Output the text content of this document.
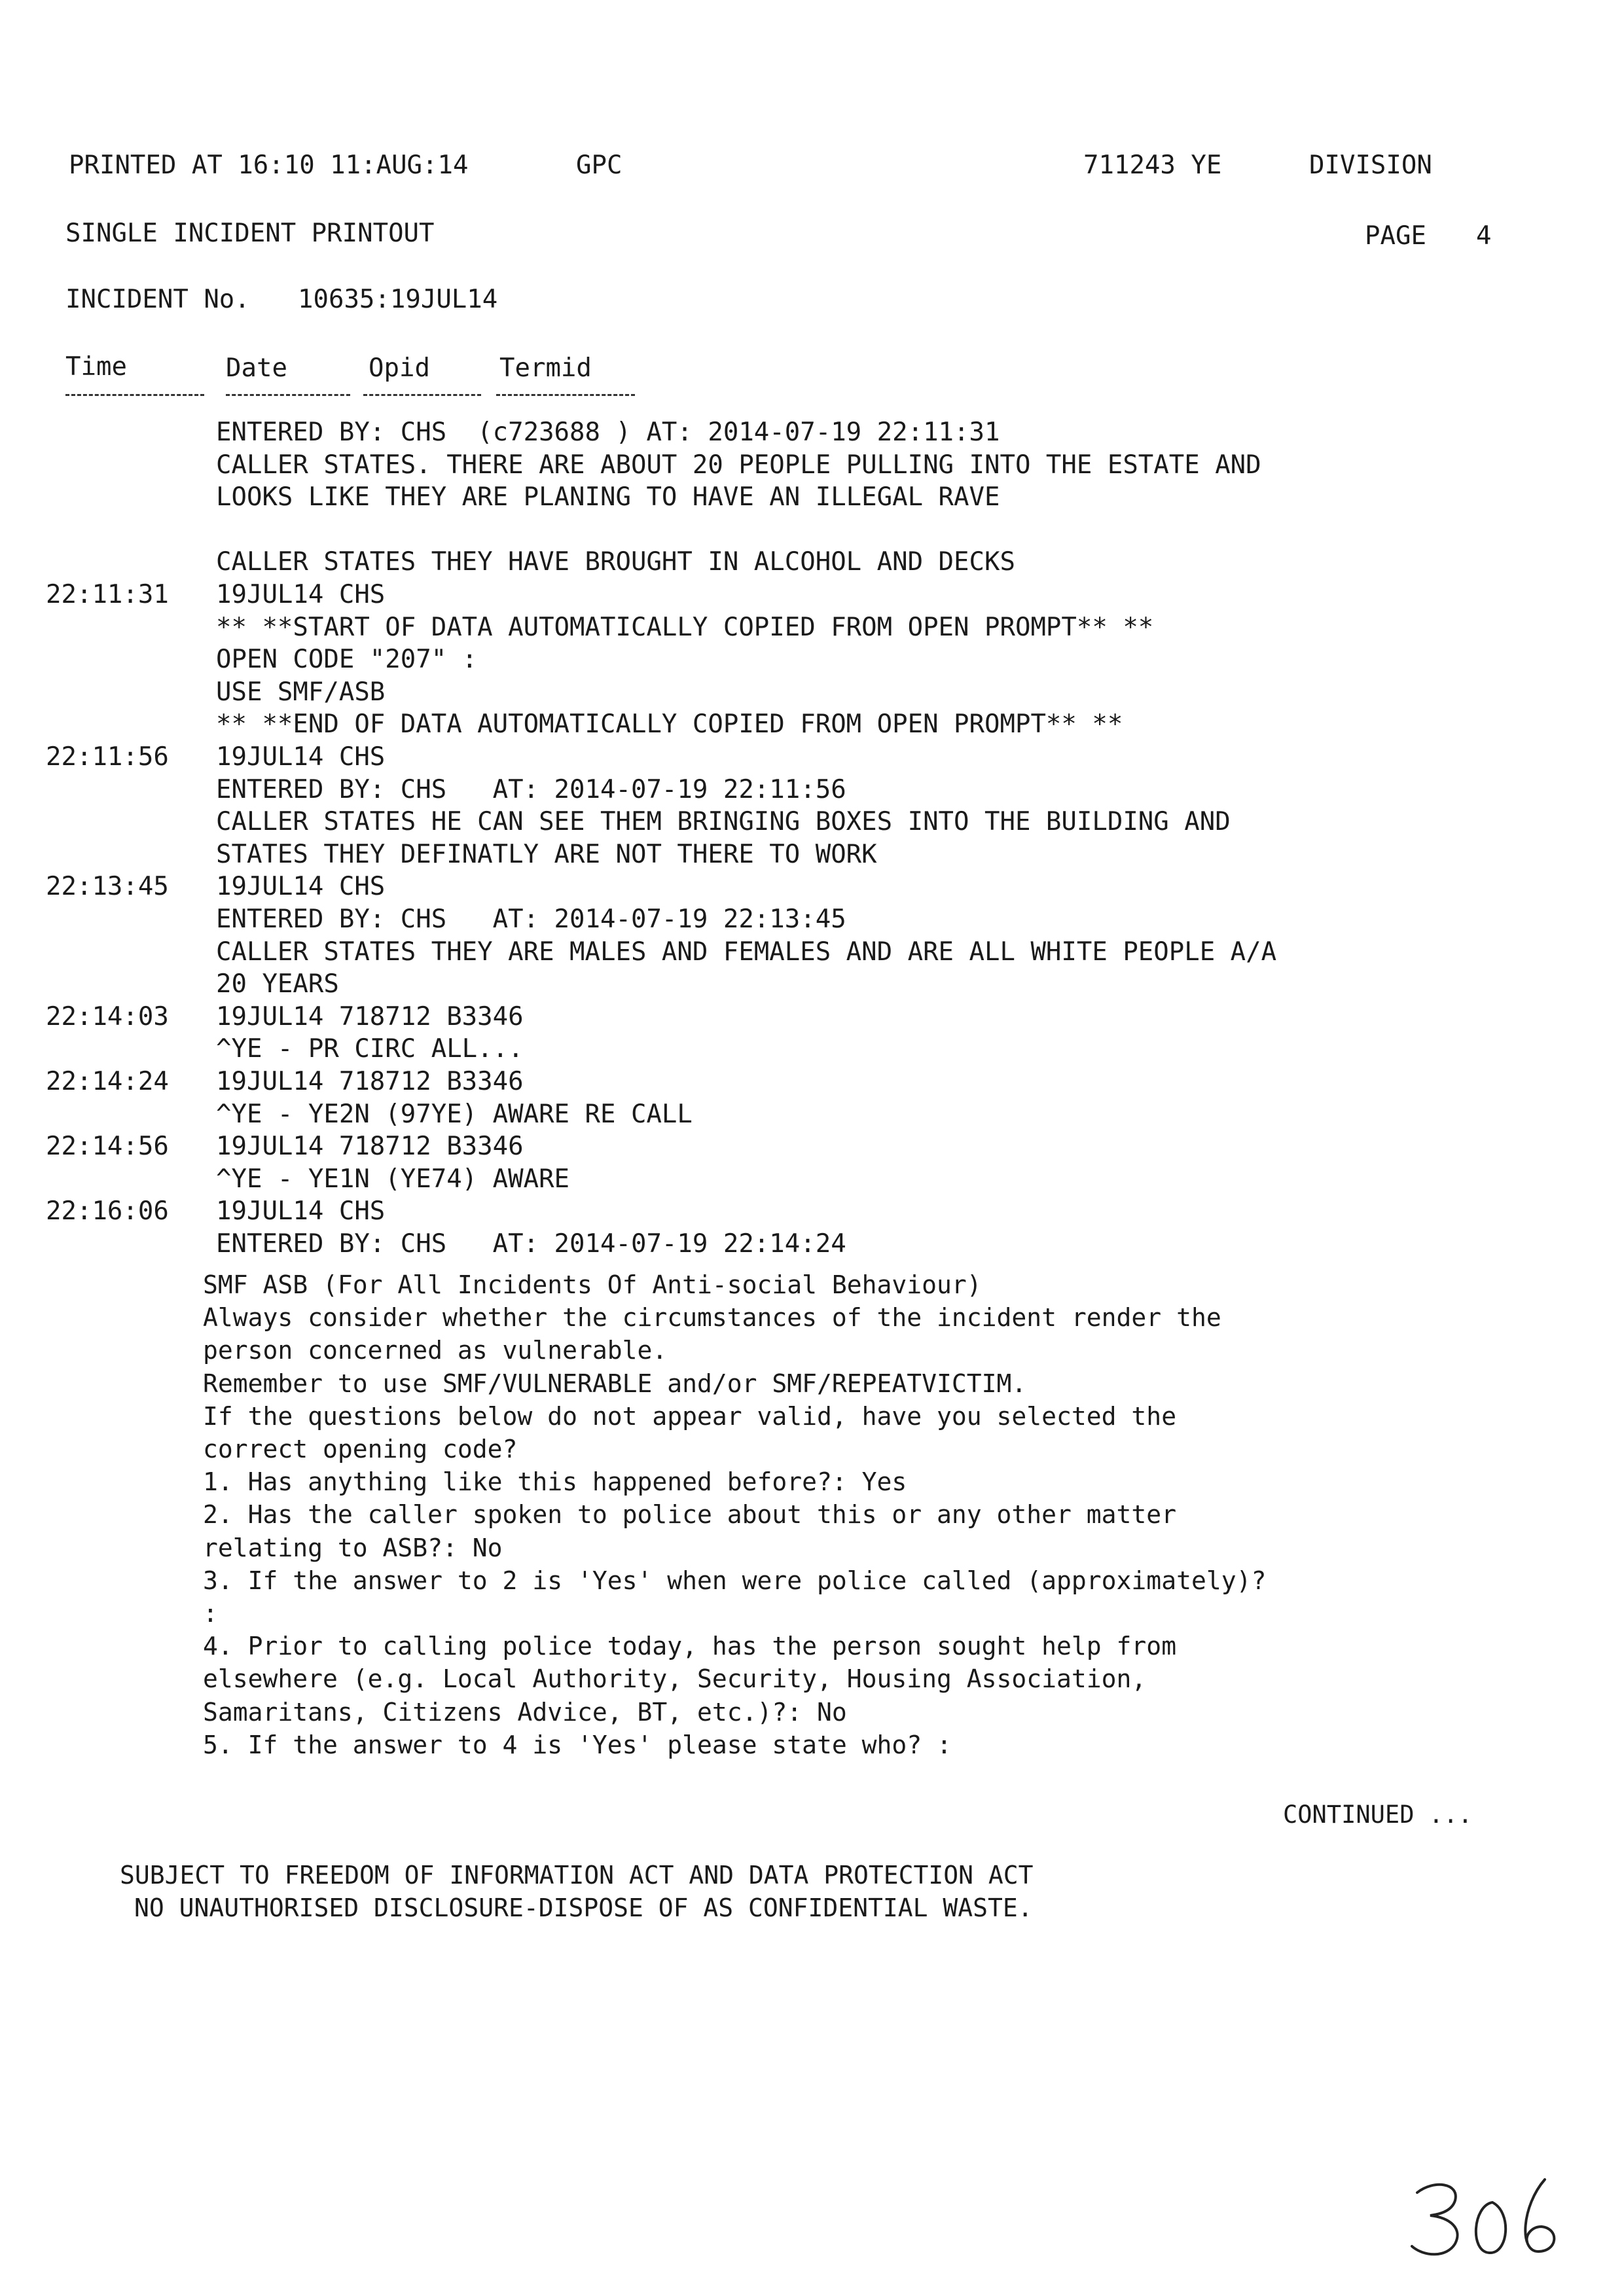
PRINTED AT 16:10 11:AUG:14	GPC	711243 YE	DIVISION
SINGLE INCIDENT PRINTOUT	PAGE 4
INCIDENT No. 10635:19JUL14
Time	Date	Opid	Termid
ENTERED BY: CHS  (c723688 ) AT: 2014-07-19 22:11:31
CALLER STATES. THERE ARE ABOUT 20 PEOPLE PULLING INTO THE ESTATE AND
LOOKS LIKE THEY ARE PLANING TO HAVE AN ILLEGAL RAVE
CALLER STATES THEY HAVE BROUGHT IN ALCOHOL AND DECKS
22:11:31 19JUL14 CHS
** **START OF DATA AUTOMATICALLY COPIED FROM OPEN PROMPT** **
OPEN CODE "207" :
USE SMF/ASB
** **END OF DATA AUTOMATICALLY COPIED FROM OPEN PROMPT** **
22:11:56 19JUL14 CHS
ENTERED BY: CHS   AT: 2014-07-19 22:11:56
CALLER STATES HE CAN SEE THEM BRINGING BOXES INTO THE BUILDING AND
STATES THEY DEFINATLY ARE NOT THERE TO WORK
22:13:45 19JUL14 CHS
ENTERED BY: CHS   AT: 2014-07-19 22:13:45
CALLER STATES THEY ARE MALES AND FEMALES AND ARE ALL WHITE PEOPLE A/A
20 YEARS
22:14:03 19JUL14 718712 B3346
^YE - PR CIRC ALL...
22:14:24 19JUL14 718712 B3346
^YE - YE2N (97YE) AWARE RE CALL
22:14:56 19JUL14 718712 B3346
^YE - YE1N (YE74) AWARE
22:16:06 19JUL14 CHS
ENTERED BY: CHS   AT: 2014-07-19 22:14:24
SMF ASB (For All Incidents Of Anti-social Behaviour)
Always consider whether the circumstances of the incident render the
person concerned as vulnerable.
Remember to use SMF/VULNERABLE and/or SMF/REPEATVICTIM.
If the questions below do not appear valid, have you selected the
correct opening code?
1. Has anything like this happened before?: Yes
2. Has the caller spoken to police about this or any other matter
relating to ASB?: No
3. If the answer to 2 is 'Yes' when were police called (approximately)?
:
4. Prior to calling police today, has the person sought help from
elsewhere (e.g. Local Authority, Security, Housing Association,
Samaritans, Citizens Advice, BT, etc.)?: No
5. If the answer to 4 is 'Yes' please state who? :
CONTINUED ...
SUBJECT TO FREEDOM OF INFORMATION ACT AND DATA PROTECTION ACT
NO UNAUTHORISED DISCLOSURE-DISPOSE OF AS CONFIDENTIAL WASTE.
